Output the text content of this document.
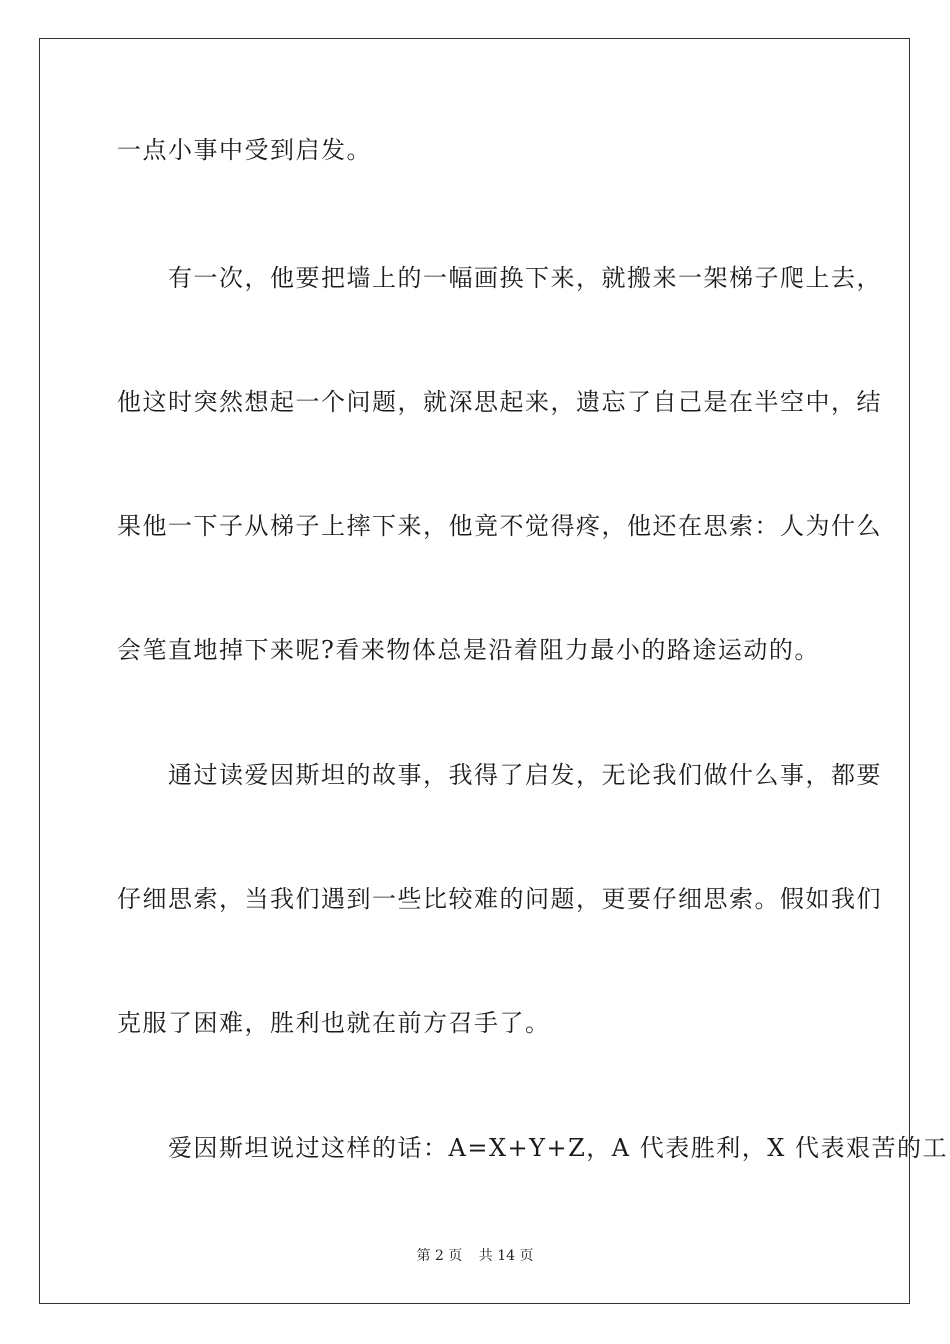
一点小事中受到启发。
　　有一次，他要把墙上的一幅画换下来，就搬来一架梯子爬上去，
他这时突然想起一个问题，就深思起来，遗忘了自己是在半空中，结
果他一下子从梯子上摔下来，他竟不觉得疼，他还在思索：人为什么
会笔直地掉下来呢?看来物体总是沿着阻力最小的路途运动的。
　　通过读爱因斯坦的故事，我得了启发，无论我们做什么事，都要
仔细思索，当我们遇到一些比较难的问题，更要仔细思索。假如我们
克服了困难，胜利也就在前方召手了。
　　爱因斯坦说过这样的话：A=X+Y+Z，A 代表胜利，X 代表艰苦的工
第 2 页 共 14 页
